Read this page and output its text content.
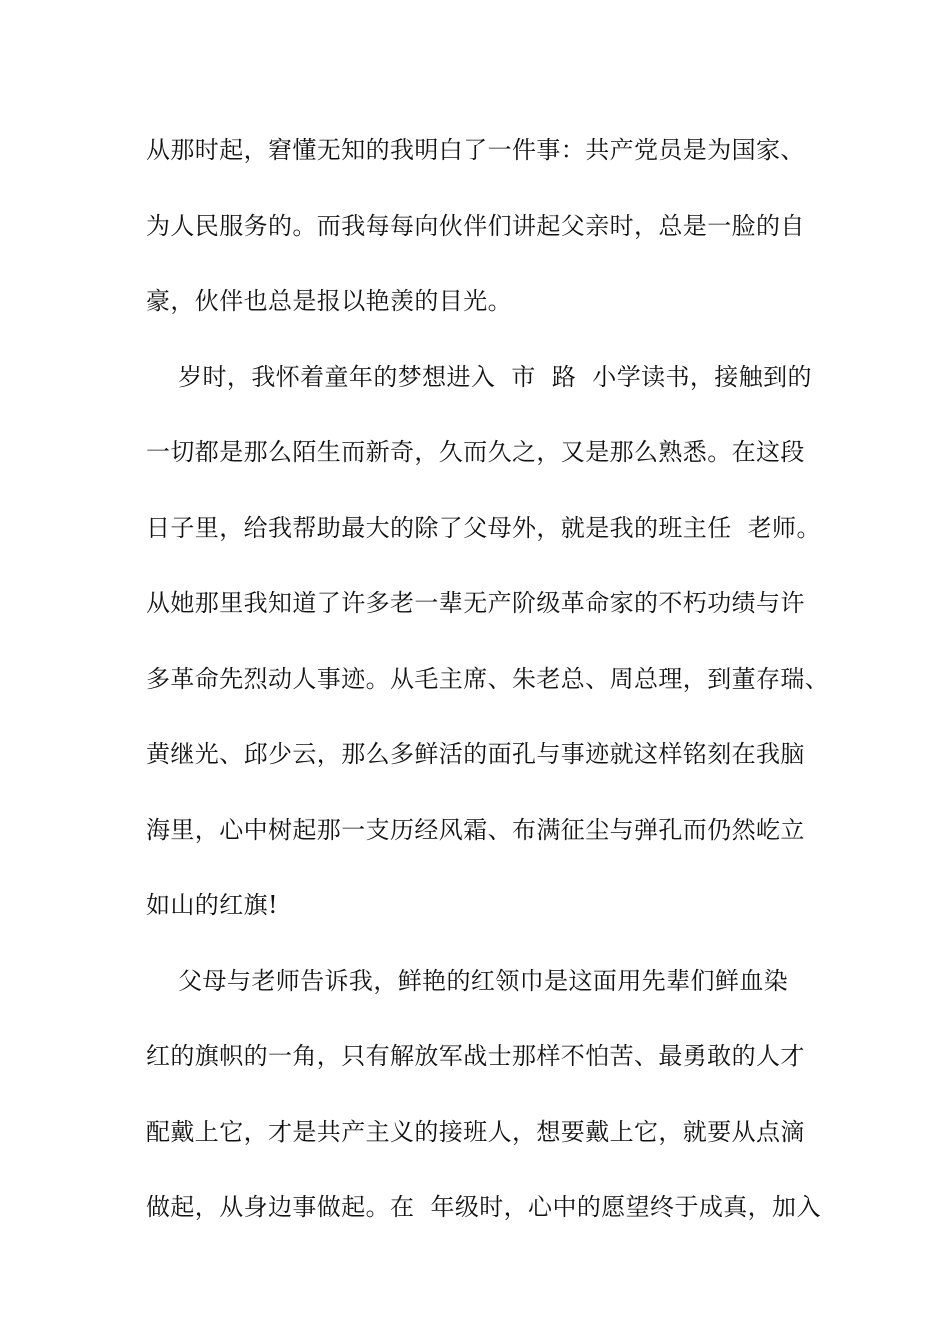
从那时起，窘懂无知的我明白了一件事：共产党员是为国家、
为人民服务的。而我每每向伙伴们讲起父亲时，总是一脸的自
豪，伙伴也总是报以艳羡的目光。
岁时，我怀着童年的梦想进入  市  路  小学读书，接触到的
一切都是那么陌生而新奇，久而久之，又是那么熟悉。在这段
日子里，给我帮助最大的除了父母外，就是我的班主任  老师。
从她那里我知道了许多老一辈无产阶级革命家的不朽功绩与许
多革命先烈动人事迹。从毛主席、朱老总、周总理，到董存瑞、
黄继光、邱少云，那么多鲜活的面孔与事迹就这样铭刻在我脑
海里，心中树起那一支历经风霜、布满征尘与弹孔而仍然屹立
如山的红旗!
父母与老师告诉我，鲜艳的红领巾是这面用先辈们鲜血染
红的旗帜的一角，只有解放军战士那样不怕苦、最勇敢的人才
配戴上它，才是共产主义的接班人，想要戴上它，就要从点滴
做起，从身边事做起。在  年级时，心中的愿望终于成真，加入
